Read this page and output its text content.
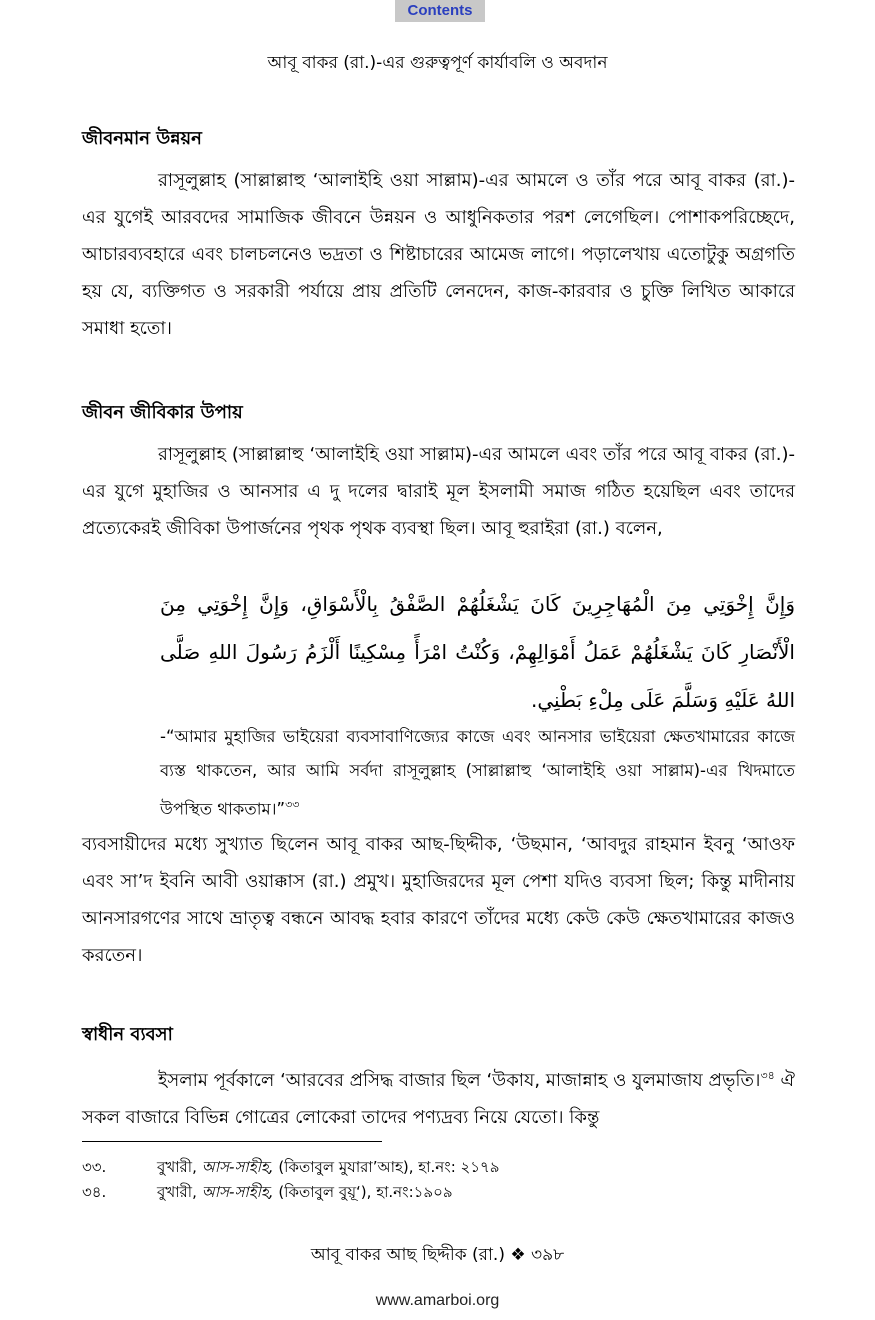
Contents
আবূ বাকর (রা.)-এর গুরুত্বপূর্ণ কার্যাবলি ও অবদান
জীবনমান উন্নয়ন

রাসূলুল্লাহ (সাল্লাল্লাহু ‘আলাইহি ওয়া সাল্লাম)-এর আমলে ও তাঁর পরে আবূ বাকর (রা.)-এর যুগেই আরবদের সামাজিক জীবনে উন্নয়ন ও আধুনিকতার পরশ লেগেছিল। পোশাকপরিচ্ছেদে, আচারব্যবহারে এবং চালচলনেও ভদ্রতা ও শিষ্টাচারের আমেজ লাগে। পড়ালেখায় এতোটুকু অগ্রগতি হয় যে, ব্যক্তিগত ও সরকারী পর্যায়ে প্রায় প্রতিটি লেনদেন, কাজ-কারবার ও চুক্তি লিখিত আকারে সমাধা হতো।

জীবন জীবিকার উপায়

রাসূলুল্লাহ (সাল্লাল্লাহু ‘আলাইহি ওয়া সাল্লাম)-এর আমলে এবং তাঁর পরে আবূ বাকর (রা.)-এর যুগে মুহাজির ও আনসার এ দু দলের দ্বারাই মূল ইসলামী সমাজ গঠিত হয়েছিল এবং তাদের প্রত্যেকেরই জীবিকা উপার্জনের পৃথক পৃথক ব্যবস্থা ছিল। আবূ হুরাইরা (রা.) বলেন,

وَإِنَّ إِخْوَتِي مِنَ الْمُهَاجِرِينَ كَانَ يَشْغَلُهُمْ الصَّفْقُ بِالْأَسْوَاقِ، وَإِنَّ إِخْوَتِي مِنَ الْأَنْصَارِ كَانَ يَشْغَلُهُمْ عَمَلُ أَمْوَالِهِمْ، وَكُنْتُ امْرَأً مِسْكِينًا أَلْزَمُ رَسُولَ اللهِ صَلَّى اللهُ عَلَيْهِ وَسَلَّمَ عَلَى مِلْءِ بَطْنِي.

-“আমার মুহাজির ভাইয়েরা ব্যবসাবাণিজ্যের কাজে এবং আনসার ভাইয়েরা ক্ষেতখামারের কাজে ব্যস্ত থাকতেন, আর আমি সর্বদা রাসূলুল্লাহ (সাল্লাল্লাহু ‘আলাইহি ওয়া সাল্লাম)-এর খিদমাতে উপস্থিত থাকতাম।”$^{৩৩}$

ব্যবসায়ীদের মধ্যে সুখ্যাত ছিলেন আবূ বাকর আছ-ছিদ্দীক, ‘উছমান, ‘আবদুর রাহমান ইবনু ‘আওফ এবং সা’দ ইবনি আবী ওয়াক্কাস (রা.) প্রমুখ। মুহাজিরদের মূল পেশা যদিও ব্যবসা ছিল; কিন্তু মাদীনায় আনসারগণের সাথে ভ্রাতৃত্ব বন্ধনে আবদ্ধ হবার কারণে তাঁদের মধ্যে কেউ কেউ ক্ষেতখামারের কাজও করতেন।

স্বাধীন ব্যবসা

ইসলাম পূর্বকালে ‘আরবের প্রসিদ্ধ বাজার ছিল ‘উকায, মাজান্নাহ ও যুলমাজায প্রভৃতি।$^{৩৪}$ ঐ সকল বাজারে বিভিন্ন গোত্রের লোকেরা তাদের পণ্যদ্রব্য নিয়ে যেতো। কিন্তু

৩৩.	বুখারী, আস-সাহীহ, (কিতাবুল মুযারা’আহ), হা.নং: ২১৭৯
৩৪.	বুখারী, আস-সাহীহ, (কিতাবুল বুয়ূ‘), হা.নং:১৯০৯
আবূ বাকর আছ ছিদ্দীক (রা.) ❖ ৩৯৮
www.amarboi.org
